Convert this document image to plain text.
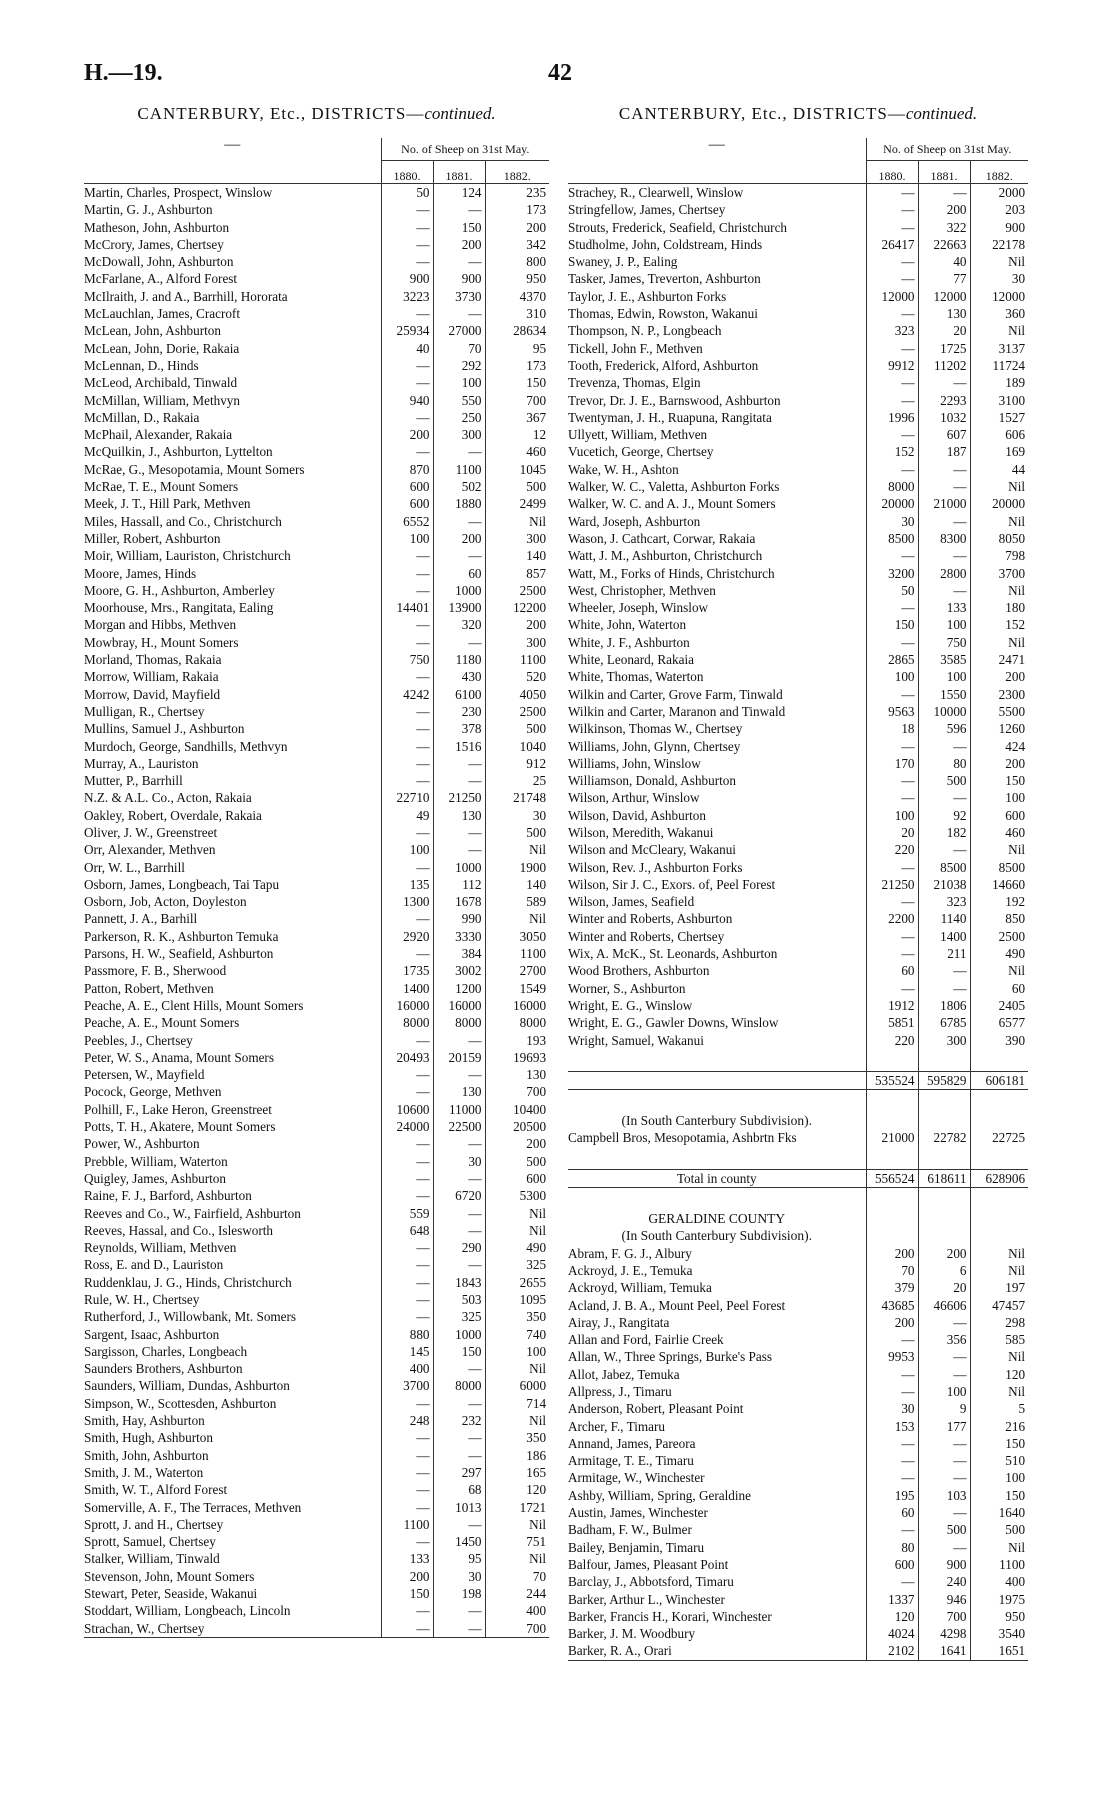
H.—19.	42
CANTERBURY, Etc., DISTRICTS—continued.
—	No. of Sheep on 31st May.		
	1880.	1881.	1882.
Martin, Charles, Prospect, Winslow	50	124	235
Martin, G. J., Ashburton	—	—	173
Matheson, John, Ashburton	—	150	200
McCrory, James, Chertsey	—	200	342
McDowall, John, Ashburton	—	—	800
McFarlane, A., Alford Forest	900	900	950
McIlraith, J. and A., Barrhill, Hororata	3223	3730	4370
McLauchlan, James, Cracroft	—	—	310
McLean, John, Ashburton	25934	27000	28634
McLean, John, Dorie, Rakaia	40	70	95
McLennan, D., Hinds	—	292	173
McLeod, Archibald, Tinwald	—	100	150
McMillan, William, Methvyn	940	550	700
McMillan, D., Rakaia	—	250	367
McPhail, Alexander, Rakaia	200	300	12
McQuilkin, J., Ashburton, Lyttelton	—	—	460
McRae, G., Mesopotamia, Mount Somers	870	1100	1045
McRae, T. E., Mount Somers	600	502	500
Meek, J. T., Hill Park, Methven	600	1880	2499
Miles, Hassall, and Co., Christchurch	6552	—	Nil
Miller, Robert, Ashburton	100	200	300
Moir, William, Lauriston, Christchurch	—	—	140
Moore, James, Hinds	—	60	857
Moore, G. H., Ashburton, Amberley	—	1000	2500
Moorhouse, Mrs., Rangitata, Ealing	14401	13900	12200
Morgan and Hibbs, Methven	—	320	200
Mowbray, H., Mount Somers	—	—	300
Morland, Thomas, Rakaia	750	1180	1100
Morrow, William, Rakaia	—	430	520
Morrow, David, Mayfield	4242	6100	4050
Mulligan, R., Chertsey	—	230	2500
Mullins, Samuel J., Ashburton	—	378	500
Murdoch, George, Sandhills, Methvyn	—	1516	1040
Murray, A., Lauriston	—	—	912
Mutter, P., Barrhill	—	—	25
N.Z. & A.L. Co., Acton, Rakaia	22710	21250	21748
Oakley, Robert, Overdale, Rakaia	49	130	30
Oliver, J. W., Greenstreet	—	—	500
Orr, Alexander, Methven	100	—	Nil
Orr, W. L., Barrhill	—	1000	1900
Osborn, James, Longbeach, Tai Tapu	135	112	140
Osborn, Job, Acton, Doyleston	1300	1678	589
Pannett, J. A., Barhill	—	990	Nil
Parkerson, R. K., Ashburton Temuka	2920	3330	3050
Parsons, H. W., Seafield, Ashburton	—	384	1100
Passmore, F. B., Sherwood	1735	3002	2700
Patton, Robert, Methven	1400	1200	1549
Peache, A. E., Clent Hills, Mount Somers	16000	16000	16000
Peache, A. E., Mount Somers	8000	8000	8000
Peebles, J., Chertsey	—	—	193
Peter, W. S., Anama, Mount Somers	20493	20159	19693
Petersen, W., Mayfield	—	—	130
Pocock, George, Methven	—	130	700
Polhill, F., Lake Heron, Greenstreet	10600	11000	10400
Potts, T. H., Akatere, Mount Somers	24000	22500	20500
Power, W., Ashburton	—	—	200
Prebble, William, Waterton	—	30	500
Quigley, James, Ashburton	—	—	600
Raine, F. J., Barford, Ashburton	—	6720	5300
Reeves and Co., W., Fairfield, Ashburton	559	—	Nil
Reeves, Hassal, and Co., Islesworth	648	—	Nil
Reynolds, William, Methven	—	290	490
Ross, E. and D., Lauriston	—	—	325
Ruddenklau, J. G., Hinds, Christchurch	—	1843	2655
Rule, W. H., Chertsey	—	503	1095
Rutherford, J., Willowbank, Mt. Somers	—	325	350
Sargent, Isaac, Ashburton	880	1000	740
Sargisson, Charles, Longbeach	145	150	100
Saunders Brothers, Ashburton	400	—	Nil
Saunders, William, Dundas, Ashburton	3700	8000	6000
Simpson, W., Scottesden, Ashburton	—	—	714
Smith, Hay, Ashburton	248	232	Nil
Smith, Hugh, Ashburton	—	—	350
Smith, John, Ashburton	—	—	186
Smith, J. M., Waterton	—	297	165
Smith, W. T., Alford Forest	—	68	120
Somerville, A. F., The Terraces, Methven	—	1013	1721
Sprott, J. and H., Chertsey	1100	—	Nil
Sprott, Samuel, Chertsey	—	1450	751
Stalker, William, Tinwald	133	95	Nil
Stevenson, John, Mount Somers	200	30	70
Stewart, Peter, Seaside, Wakanui	150	198	244
Stoddart, William, Longbeach, Lincoln	—	—	400
Strachan, W., Chertsey	—	—	700
CANTERBURY, Etc., DISTRICTS—continued.
—	No. of Sheep on 31st May.		
	1880.	1881.	1882.
Strachey, R., Clearwell, Winslow	—	—	2000
Stringfellow, James, Chertsey	—	200	203
Strouts, Frederick, Seafield, Christchurch	—	322	900
Studholme, John, Coldstream, Hinds	26417	22663	22178
Swaney, J. P., Ealing	—	40	Nil
Tasker, James, Treverton, Ashburton	—	77	30
Taylor, J. E., Ashburton Forks	12000	12000	12000
Thomas, Edwin, Rowston, Wakanui	—	130	360
Thompson, N. P., Longbeach	323	20	Nil
Tickell, John F., Methven	—	1725	3137
Tooth, Frederick, Alford, Ashburton	9912	11202	11724
Trevenza, Thomas, Elgin	—	—	189
Trevor, Dr. J. E., Barnswood, Ashburton	—	2293	3100
Twentyman, J. H., Ruapuna, Rangitata	1996	1032	1527
Ullyett, William, Methven	—	607	606
Vucetich, George, Chertsey	152	187	169
Wake, W. H., Ashton	—	—	44
Walker, W. C., Valetta, Ashburton Forks	8000	—	Nil
Walker, W. C. and A. J., Mount Somers	20000	21000	20000
Ward, Joseph, Ashburton	30	—	Nil
Wason, J. Cathcart, Corwar, Rakaia	8500	8300	8050
Watt, J. M., Ashburton, Christchurch	—	—	798
Watt, M., Forks of Hinds, Christchurch	3200	2800	3700
West, Christopher, Methven	50	—	Nil
Wheeler, Joseph, Winslow	—	133	180
White, John, Waterton	150	100	152
White, J. F., Ashburton	—	750	Nil
White, Leonard, Rakaia	2865	3585	2471
White, Thomas, Waterton	100	100	200
Wilkin and Carter, Grove Farm, Tinwald	—	1550	2300
Wilkin and Carter, Maranon and Tinwald	9563	10000	5500
Wilkinson, Thomas W., Chertsey	18	596	1260
Williams, John, Glynn, Chertsey	—	—	424
Williams, John, Winslow	170	80	200
Williamson, Donald, Ashburton	—	500	150
Wilson, Arthur, Winslow	—	—	100
Wilson, David, Ashburton	100	92	600
Wilson, Meredith, Wakanui	20	182	460
Wilson and McCleary, Wakanui	220	—	Nil
Wilson, Rev. J., Ashburton Forks	—	8500	8500
Wilson, Sir J. C., Exors. of, Peel Forest	21250	21038	14660
Wilson, James, Seafield	—	323	192
Winter and Roberts, Ashburton	2200	1140	850
Winter and Roberts, Chertsey	—	1400	2500
Wix, A. McK., St. Leonards, Ashburton	—	211	490
Wood Brothers, Ashburton	60	—	Nil
Worner, S., Ashburton	—	—	60
Wright, E. G., Winslow	1912	1806	2405
Wright, E. G., Gawler Downs, Winslow	5851	6785	6577
Wright, Samuel, Wakanui	220	300	390

	535524	595829	606181

(In South Canterbury Subdivision).			
Campbell Bros, Mesopotamia, Ashbrtn Fks	21000	22782	22725

Total in county	556524	618611	628906

GERALDINE COUNTY			
(In South Canterbury Subdivision).			
Abram, F. G. J., Albury	200	200	Nil
Ackroyd, J. E., Temuka	70	6	Nil
Ackroyd, William, Temuka	379	20	197
Acland, J. B. A., Mount Peel, Peel Forest	43685	46606	47457
Airay, J., Rangitata	200	—	298
Allan and Ford, Fairlie Creek	—	356	585
Allan, W., Three Springs, Burke's Pass	9953	—	Nil
Allot, Jabez, Temuka	—	—	120
Allpress, J., Timaru	—	100	Nil
Anderson, Robert, Pleasant Point	30	9	5
Archer, F., Timaru	153	177	216
Annand, James, Pareora	—	—	150
Armitage, T. E., Timaru	—	—	510
Armitage, W., Winchester	—	—	100
Ashby, William, Spring, Geraldine	195	103	150
Austin, James, Winchester	60	—	1640
Badham, F. W., Bulmer	—	500	500
Bailey, Benjamin, Timaru	80	—	Nil
Balfour, James, Pleasant Point	600	900	1100
Barclay, J., Abbotsford, Timaru	—	240	400
Barker, Arthur L., Winchester	1337	946	1975
Barker, Francis H., Korari, Winchester	120	700	950
Barker, J. M. Woodbury	4024	4298	3540
Barker, R. A., Orari	2102	1641	1651
